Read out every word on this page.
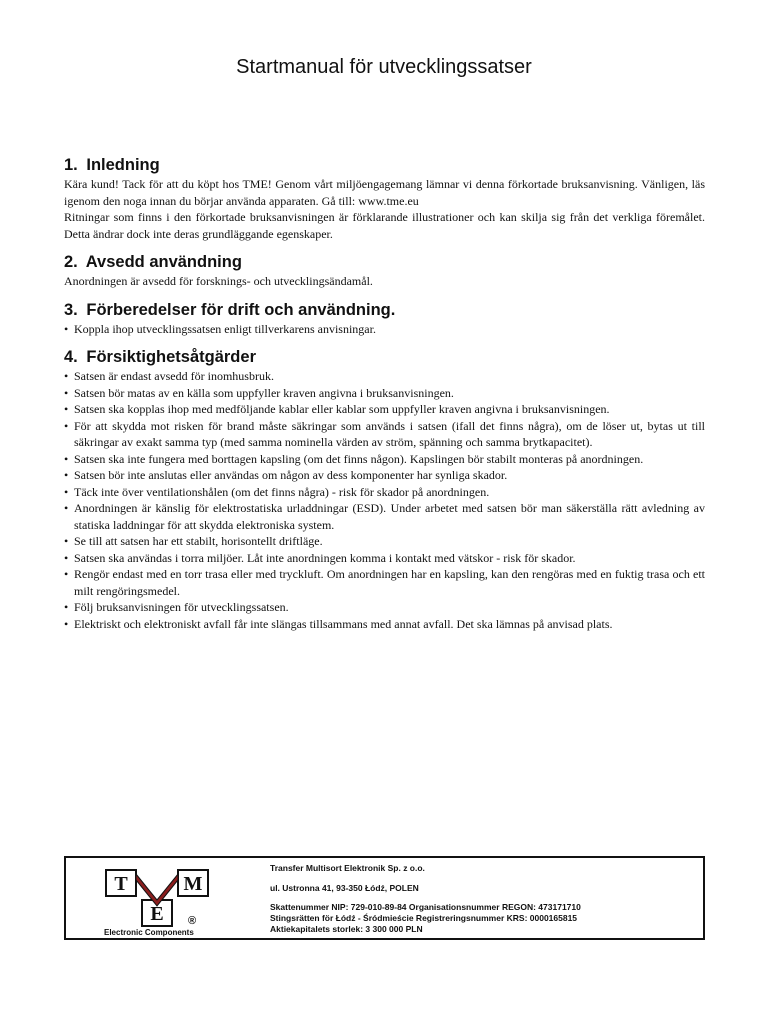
Startmanual för utvecklingssatser
1. Inledning

Kära kund! Tack för att du köpt hos TME! Genom vårt miljöengagemang lämnar vi denna förkortade bruksanvisning. Vänligen, läs igenom den noga innan du börjar använda apparaten. Gå till: www.tme.eu

Ritningar som finns i den förkortade bruksanvisningen är förklarande illustrationer och kan skilja sig från det verkliga föremålet. Detta ändrar dock inte deras grundläggande egenskaper.

2. Avsedd användning

Anordningen är avsedd för forsknings- och utvecklingsändamål.

3. Förberedelser för drift och användning.
• Koppla ihop utvecklingssatsen enligt tillverkarens anvisningar.
4. Försiktighetsåtgärder
• Satsen är endast avsedd för inomhusbruk.
• Satsen bör matas av en källa som uppfyller kraven angivna i bruksanvisningen.
• Satsen ska kopplas ihop med medföljande kablar eller kablar som uppfyller kraven angivna i bruksanvisningen.
• För att skydda mot risken för brand måste säkringar som används i satsen (ifall det finns några), om de löser ut, bytas ut till säkringar av exakt samma typ (med samma nominella värden av ström, spänning och samma brytkapacitet).
• Satsen ska inte fungera med borttagen kapsling (om det finns någon). Kapslingen bör stabilt monteras på anordningen.
• Satsen bör inte anslutas eller användas om någon av dess komponenter har synliga skador.
• Täck inte över ventilationshålen (om det finns några) - risk för skador på anordningen.
• Anordningen är känslig för elektrostatiska urladdningar (ESD). Under arbetet med satsen bör man säkerställa rätt avledning av statiska laddningar för att skydda elektroniska system.
• Se till att satsen har ett stabilt, horisontellt driftläge.
• Satsen ska användas i torra miljöer. Låt inte anordningen komma i kontakt med vätskor - risk för skador.
• Rengör endast med en torr trasa eller med tryckluft. Om anordningen har en kapsling, kan den rengöras med en fuktig trasa och ett milt rengöringsmedel.
• Följ bruksanvisningen för utvecklingssatsen.
• Elektriskt och elektroniskt avfall får inte slängas tillsammans med annat avfall. Det ska lämnas på anvisad plats.
T	M
E ®
Electronic Components
Transfer Multisort Elektronik Sp. z o.o.
ul. Ustronna 41, 93-350 Łódź, POLEN
Skattenummer NIP: 729-010-89-84 Organisationsnummer REGON: 473171710
Stingsrätten för Łódź - Śródmieście Registreringsnummer KRS: 0000165815
Aktiekapitalets storlek: 3 300 000 PLN
